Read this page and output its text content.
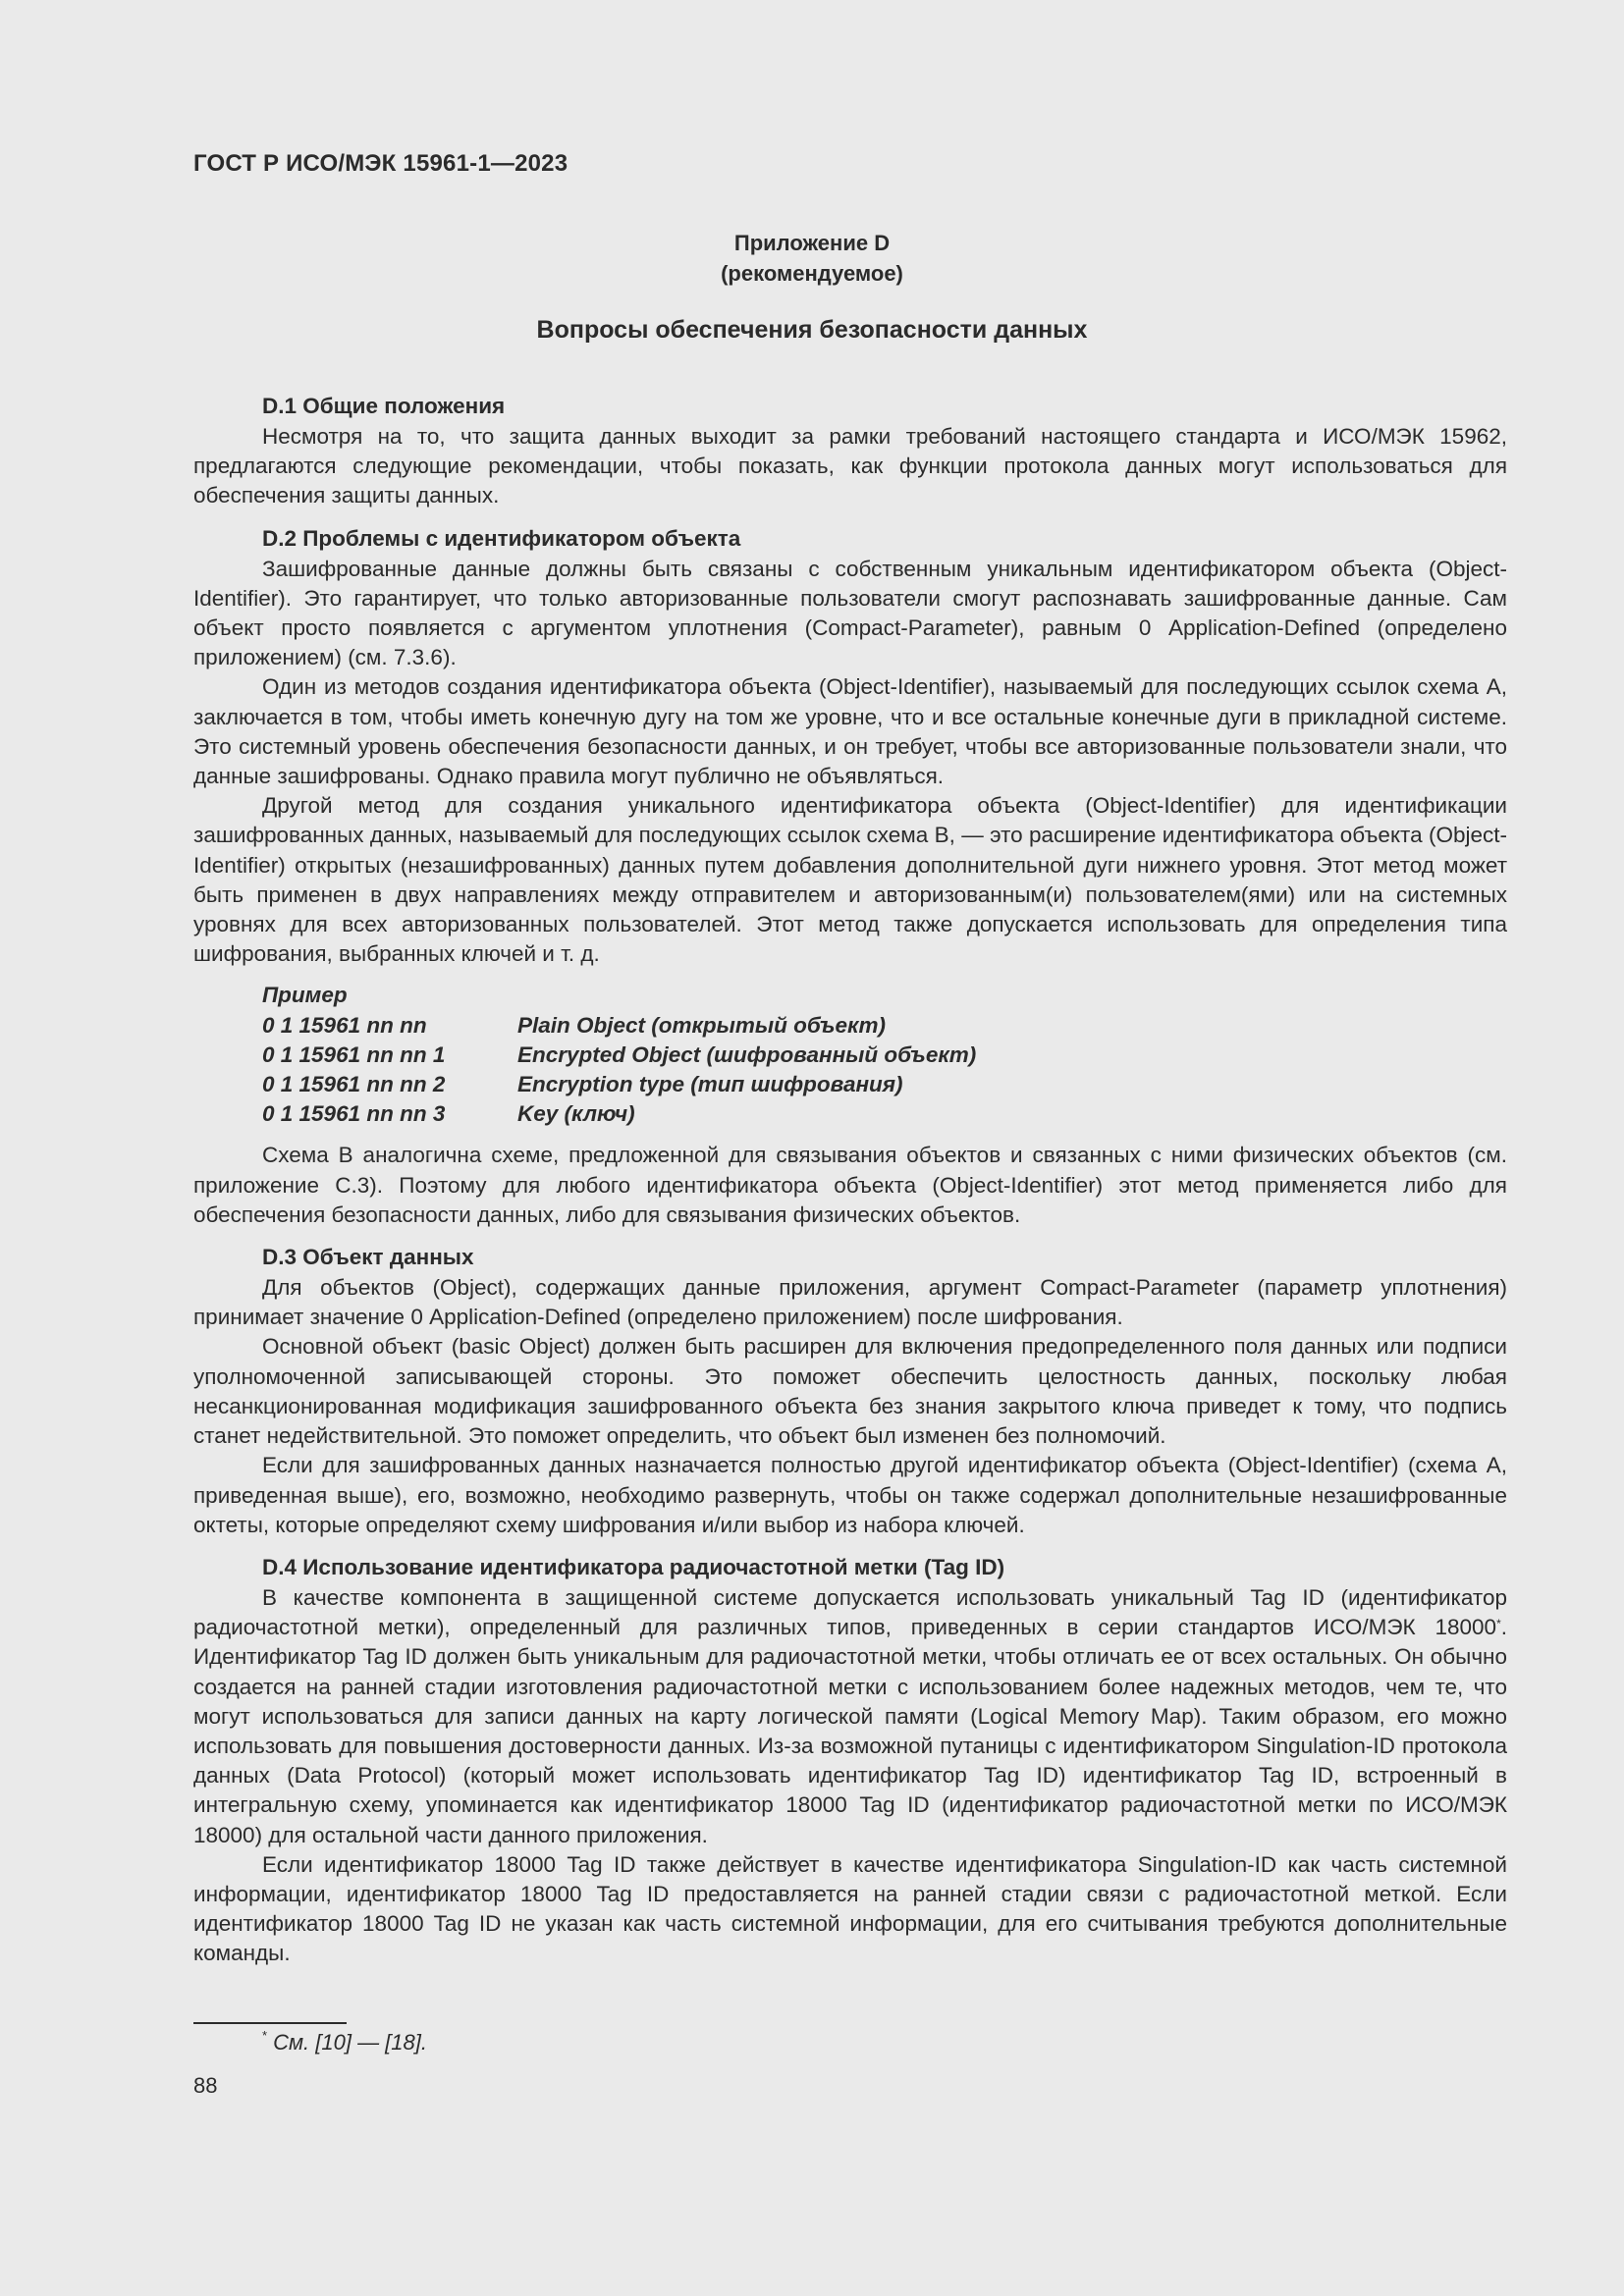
ГОСТ Р ИСО/МЭК 15961-1—2023
Приложение D
(рекомендуемое)
Вопросы обеспечения безопасности данных

D.1 Общие положения

Несмотря на то, что защита данных выходит за рамки требований настоящего стандарта и ИСО/МЭК 15962, предлагаются следующие рекомендации, чтобы показать, как функции протокола данных могут использоваться для обеспечения защиты данных.

D.2 Проблемы с идентификатором объекта

Зашифрованные данные должны быть связаны с собственным уникальным идентификатором объекта (Object-Identifier). Это гарантирует, что только авторизованные пользователи смогут распознавать зашифрованные данные. Сам объект просто появляется с аргументом уплотнения (Compact-Parameter), равным 0 Application-Defined (определено приложением) (см. 7.3.6).

Один из методов создания идентификатора объекта (Object-Identifier), называемый для последующих ссылок схема A, заключается в том, чтобы иметь конечную дугу на том же уровне, что и все остальные конечные дуги в прикладной системе. Это системный уровень обеспечения безопасности данных, и он требует, чтобы все авторизованные пользователи знали, что данные зашифрованы. Однако правила могут публично не объявляться.

Другой метод для создания уникального идентификатора объекта (Object-Identifier) для идентификации зашифрованных данных, называемый для последующих ссылок схема B, — это расширение идентификатора объекта (Object-Identifier) открытых (незашифрованных) данных путем добавления дополнительной дуги нижнего уровня. Этот метод может быть применен в двух направлениях между отправителем и авторизованным(и) пользователем(ями) или на системных уровнях для всех авторизованных пользователей. Этот метод также допускается использовать для определения типа шифрования, выбранных ключей и т. д.

Пример
0 1 15961 nn nn	Plain Object (открытый объект)
0 1 15961 nn nn 1	Encrypted Object (шифрованный объект)
0 1 15961 nn nn 2	Encryption type (тип шифрования)
0 1 15961 nn nn 3	Key (ключ)

Схема B аналогична схеме, предложенной для связывания объектов и связанных с ними физических объектов (см. приложение C.3). Поэтому для любого идентификатора объекта (Object-Identifier) этот метод применяется либо для обеспечения безопасности данных, либо для связывания физических объектов.

D.3 Объект данных

Для объектов (Object), содержащих данные приложения, аргумент Compact-Parameter (параметр уплотнения) принимает значение 0 Application-Defined (определено приложением) после шифрования.

Основной объект (basic Object) должен быть расширен для включения предопределенного поля данных или подписи уполномоченной записывающей стороны. Это поможет обеспечить целостность данных, поскольку любая несанкционированная модификация зашифрованного объекта без знания закрытого ключа приведет к тому, что подпись станет недействительной. Это поможет определить, что объект был изменен без полномочий.

Если для зашифрованных данных назначается полностью другой идентификатор объекта (Object-Identifier) (схема A, приведенная выше), его, возможно, необходимо развернуть, чтобы он также содержал дополнительные незашифрованные октеты, которые определяют схему шифрования и/или выбор из набора ключей.

D.4 Использование идентификатора радиочастотной метки (Tag ID)

В качестве компонента в защищенной системе допускается использовать уникальный Tag ID (идентификатор радиочастотной метки), определенный для различных типов, приведенных в серии стандартов ИСО/МЭК 18000*. Идентификатор Tag ID должен быть уникальным для радиочастотной метки, чтобы отличать ее от всех остальных. Он обычно создается на ранней стадии изготовления радиочастотной метки с использованием более надежных методов, чем те, что могут использоваться для записи данных на карту логической памяти (Logical Memory Map). Таким образом, его можно использовать для повышения достоверности данных. Из-за возможной путаницы с идентификатором Singulation-ID протокола данных (Data Protocol) (который может использовать идентификатор Tag ID) идентификатор Tag ID, встроенный в интегральную схему, упоминается как идентификатор 18000 Tag ID (идентификатор радиочастотной метки по ИСО/МЭК 18000) для остальной части данного приложения.

Если идентификатор 18000 Tag ID также действует в качестве идентификатора Singulation-ID как часть системной информации, идентификатор 18000 Tag ID предоставляется на ранней стадии связи с радиочастотной меткой. Если идентификатор 18000 Tag ID не указан как часть системной информации, для его считывания требуются дополнительные команды.

* См. [10] — [18].
88
